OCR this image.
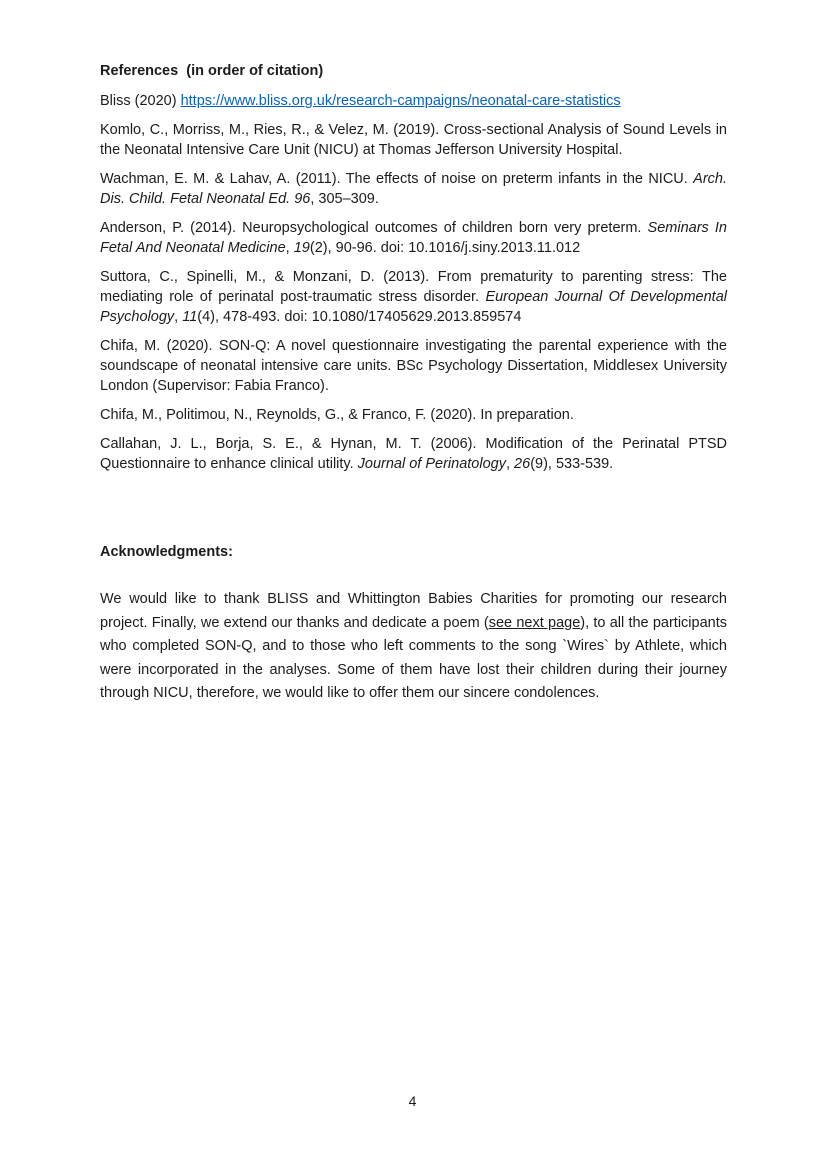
References  (in order of citation)

Bliss (2020) https://www.bliss.org.uk/research-campaigns/neonatal-care-statistics

Komlo, C., Morriss, M., Ries, R., & Velez, M. (2019). Cross-sectional Analysis of Sound Levels in the Neonatal Intensive Care Unit (NICU) at Thomas Jefferson University Hospital.

Wachman, E. M. & Lahav, A. (2011). The effects of noise on preterm infants in the NICU. Arch. Dis. Child. Fetal Neonatal Ed. 96, 305–309.

Anderson, P. (2014). Neuropsychological outcomes of children born very preterm. Seminars In Fetal And Neonatal Medicine, 19(2), 90-96. doi: 10.1016/j.siny.2013.11.012

Suttora, C., Spinelli, M., & Monzani, D. (2013). From prematurity to parenting stress: The mediating role of perinatal post-traumatic stress disorder. European Journal Of Developmental Psychology, 11(4), 478-493. doi: 10.1080/17405629.2013.859574

Chifa, M. (2020). SON-Q: A novel questionnaire investigating the parental experience with the soundscape of neonatal intensive care units. BSc Psychology Dissertation, Middlesex University London (Supervisor: Fabia Franco).

Chifa, M., Politimou, N., Reynolds, G., & Franco, F. (2020). In preparation.

Callahan, J. L., Borja, S. E., & Hynan, M. T. (2006). Modification of the Perinatal PTSD Questionnaire to enhance clinical utility. Journal of Perinatology, 26(9), 533-539.

Acknowledgments:

We would like to thank BLISS and Whittington Babies Charities for promoting our research project. Finally, we extend our thanks and dedicate a poem (see next page), to all the participants who completed SON-Q, and to those who left comments to the song `Wires` by Athlete, which were incorporated in the analyses. Some of them have lost their children during their journey through NICU, therefore, we would like to offer them our sincere condolences.

4
